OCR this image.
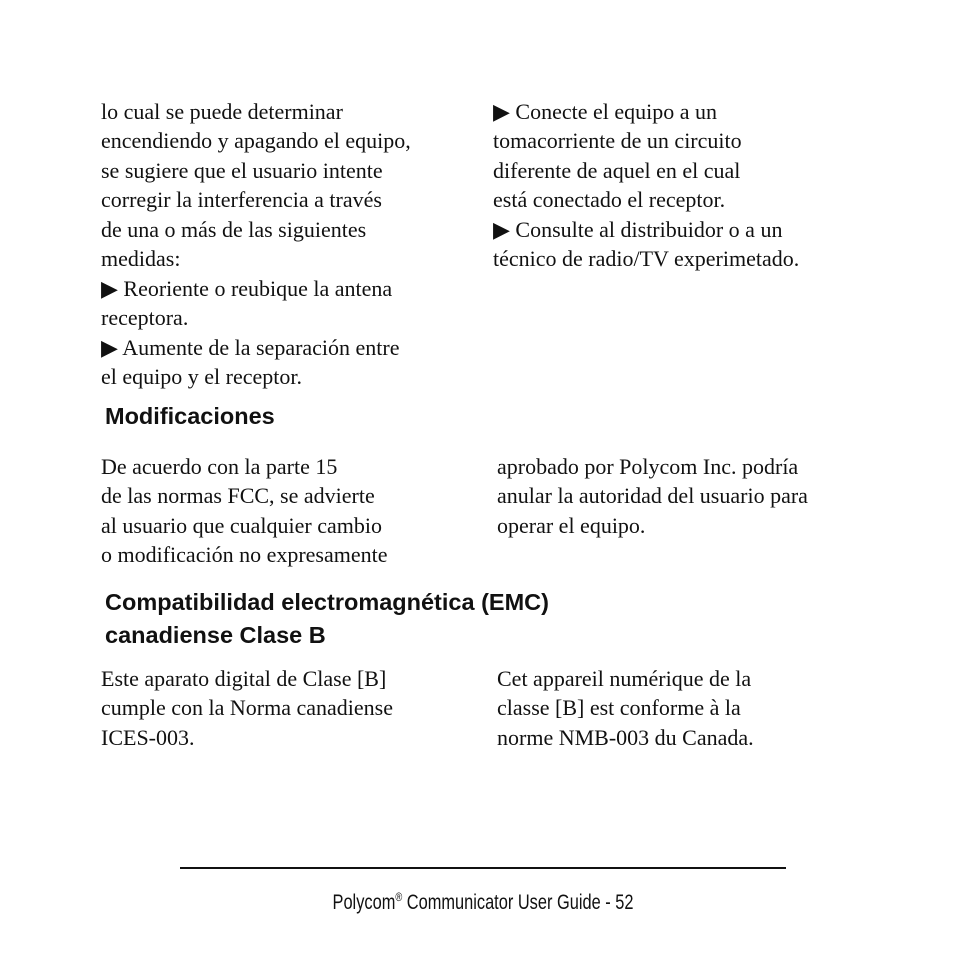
lo cual se puede determinar
encendiendo y apagando el equipo,
se sugiere que el usuario intente
corregir la interferencia a través
de una o más de las siguientes
medidas:
▶ Reoriente o reubique la antena
receptora.
▶ Aumente de la separación entre
el equipo y el receptor.
▶ Conecte el equipo a un
tomacorriente de un circuito
diferente de aquel en el cual
está conectado el receptor.
▶ Consulte al distribuidor o a un
técnico de radio/TV experimetado.
Modificaciones
De acuerdo con la parte 15
de las normas FCC, se advierte
al usuario que cualquier cambio
o modificación no expresamente
aprobado por Polycom Inc. podría
anular la autoridad del usuario para
operar el equipo.
Compatibilidad electromagnética (EMC)
canadiense Clase B
Este aparato digital de Clase [B]
cumple con la Norma canadiense
ICES-003.
Cet appareil numérique de la
classe [B] est conforme à la
norme NMB-003 du Canada.
Polycom® Communicator User Guide - 52
